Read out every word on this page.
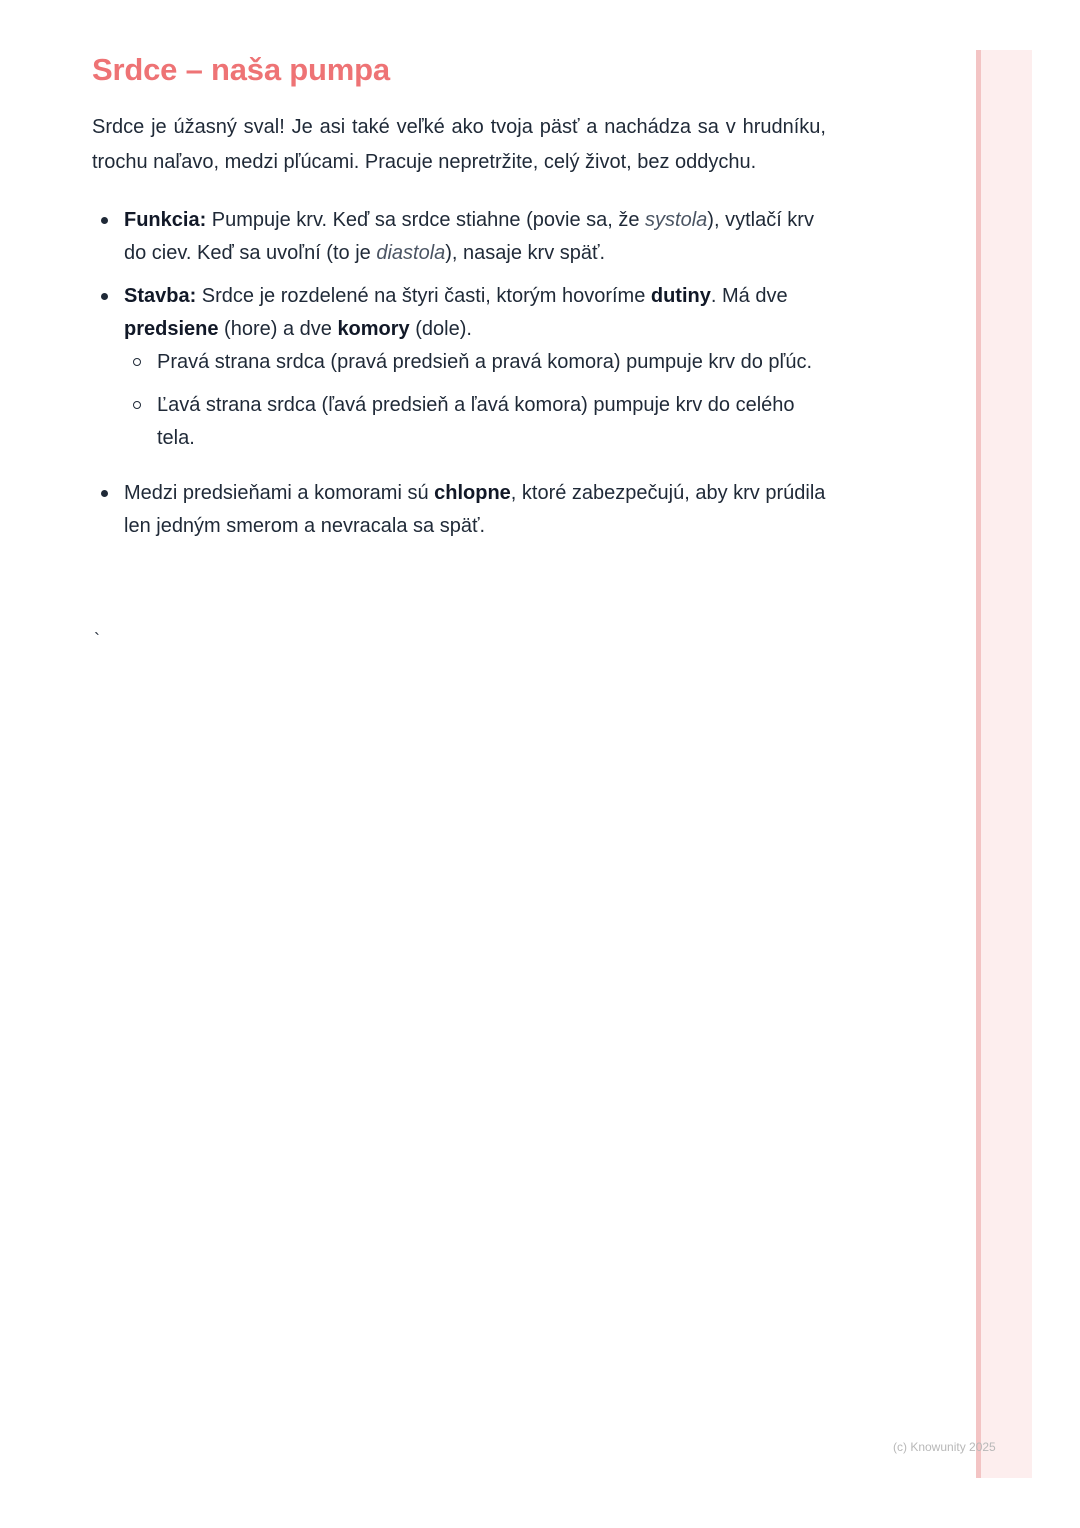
Srdce – naša pumpa

Srdce je úžasný sval! Je asi také veľké ako tvoja päsť a nachádza sa v hrudníku, trochu naľavo, medzi pľúcami. Pracuje nepretržite, celý život, bez oddychu.

Funkcia: Pumpuje krv. Keď sa srdce stiahne (povie sa, že systola), vytlačí krv do ciev. Keď sa uvoľní (to je diastola), nasaje krv späť.
Stavba: Srdce je rozdelené na štyri časti, ktorým hovoríme dutiny. Má dve predsiene (hore) a dve komory (dole).
Pravá strana srdca (pravá predsieň a pravá komora) pumpuje krv do pľúc.
Ľavá strana srdca (ľavá predsieň a ľavá komora) pumpuje krv do celého tela.
Medzi predsieňami a komorami sú chlopne, ktoré zabezpečujú, aby krv prúdila len jedným smerom a nevracala sa späť.
`
(c) Knowunity 2025
